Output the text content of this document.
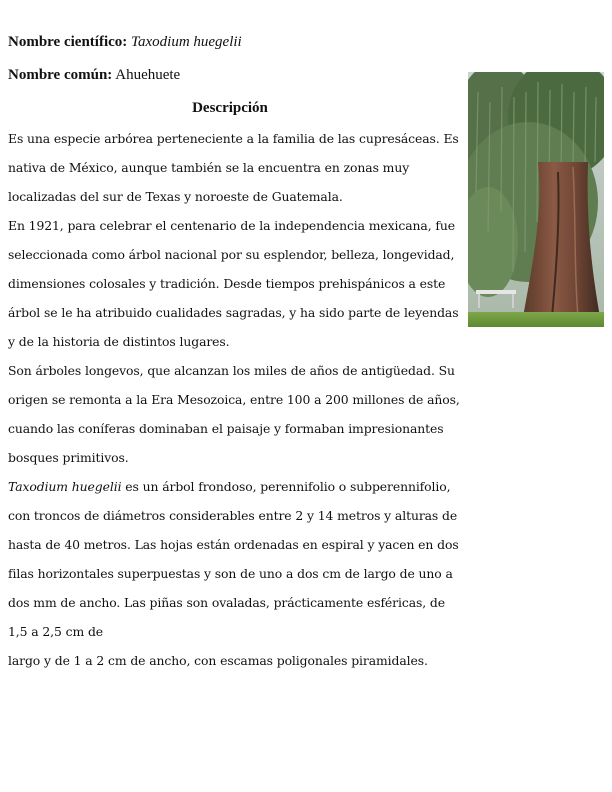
Nombre científico: Taxodium huegelii
Nombre común: Ahuehuete
Descripción
Es una especie arbórea perteneciente a la familia de las cupresáceas. Es
nativa de México, aunque también se la encuentra en zonas muy
localizadas del sur de Texas y noroeste de Guatemala.
En 1921, para celebrar el centenario de la independencia mexicana, fue
seleccionada como árbol nacional por su esplendor, belleza, longevidad,
dimensiones colosales y tradición. Desde tiempos prehispánicos a este
árbol se le ha atribuido cualidades sagradas, y ha sido parte de leyendas
y de la historia de distintos lugares.
Son árboles longevos, que alcanzan los miles de años de antigüedad. Su
origen se remonta a la Era Mesozoica, entre 100 a 200 millones de años,
cuando las coníferas dominaban el paisaje y formaban impresionantes
bosques primitivos.
Taxodium huegelii es un árbol frondoso, perennifolio o subperennifolio,
con troncos de diámetros considerables entre 2 y 14 metros y alturas de
hasta de 40 metros. Las hojas están ordenadas en espiral y yacen en dos
filas horizontales superpuestas y son de uno a dos cm de largo de uno a
dos mm de ancho. Las piñas son ovaladas, prácticamente esféricas, de
1,5 a 2,5 cm de
largo y de 1 a 2 cm de ancho, con escamas poligonales piramidales.
